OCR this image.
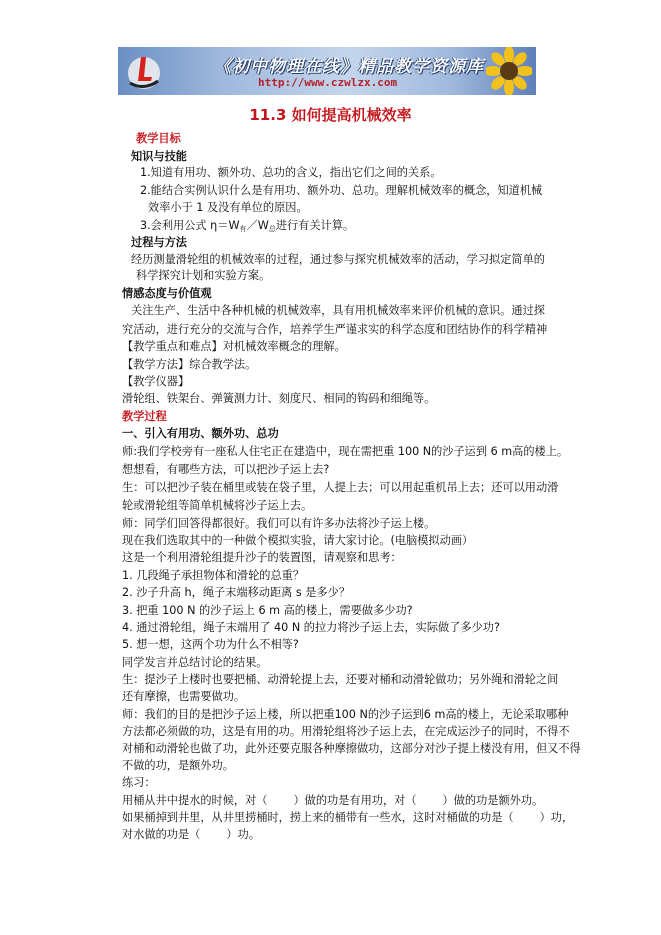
《初中物理在线》精品教学资源库
http://www.czwlzx.com
11.3 如何提高机械效率
教学目标
知识与技能
1.知道有用功、额外功、总功的含义，指出它们之间的关系。
2.能结合实例认识什么是有用功、额外功、总功。理解机械效率的概念，知道机械
效率小于 1 及没有单位的原因。
3.会利用公式 $\eta=W_有/W_总$进行有关计算。
过程与方法
经历测量滑轮组的机械效率的过程，通过参与探究机械效率的活动，学习拟定简单的
科学探究计划和实验方案。
情感态度与价值观
关注生产、生活中各种机械的机械效率，具有用机械效率来评价机械的意识。通过探
究活动，进行充分的交流与合作，培养学生严谨求实的科学态度和团结协作的科学精神
【教学重点和难点】对机械效率概念的理解。
【教学方法】综合教学法。
【教学仪器】
滑轮组、铁架台、弹簧测力计、刻度尺、相同的钩码和细绳等。
教学过程
一、引入有用功、额外功、总功
师:我们学校旁有一座私人住宅正在建造中，现在需把重 100 N的沙子运到 6 m高的楼上。
想想看，有哪些方法，可以把沙子运上去?
生：可以把沙子装在桶里或装在袋子里，人提上去；可以用起重机吊上去；还可以用动滑
轮或滑轮组等简单机械将沙子运上去。
师：同学们回答得都很好。我们可以有许多办法将沙子运上楼。
现在我们选取其中的一种做个模拟实验，请大家讨论。(电脑模拟动画）
这是一个利用滑轮组提升沙子的装置图，请观察和思考：
1. 几段绳子承担物体和滑轮的总重？
2. 沙子升高 h，绳子末端移动距离 s 是多少？
3. 把重 100 N 的沙子运上 6 m 高的楼上，需要做多少功?
4. 通过滑轮组，绳子末端用了 40 N 的拉力将沙子运上去，实际做了多少功?
5. 想一想，这两个功为什么不相等?
同学发言并总结讨论的结果。
生：提沙子上楼时也要把桶、动滑轮提上去，还要对桶和动滑轮做功；另外绳和滑轮之间
还有摩擦，也需要做功。
师：我们的目的是把沙子运上楼，所以把重100 N的沙子运到6 m高的楼上，无论采取哪种
方法都必须做的功，这是有用的功。用滑轮组将沙子运上去，在完成运沙子的同时，不得不
对桶和动滑轮也做了功，此外还要克服各种摩擦做功，这部分对沙子提上楼没有用，但又不得
不做的功，是额外功。
练习：
用桶从井中提水的时候，对（ ）做的功是有用功，对（ ）做的功是额外功。
如果桶掉到井里，从井里捞桶时，捞上来的桶带有一些水，这时对桶做的功是（ ）功，
对水做的功是（ ）功。
